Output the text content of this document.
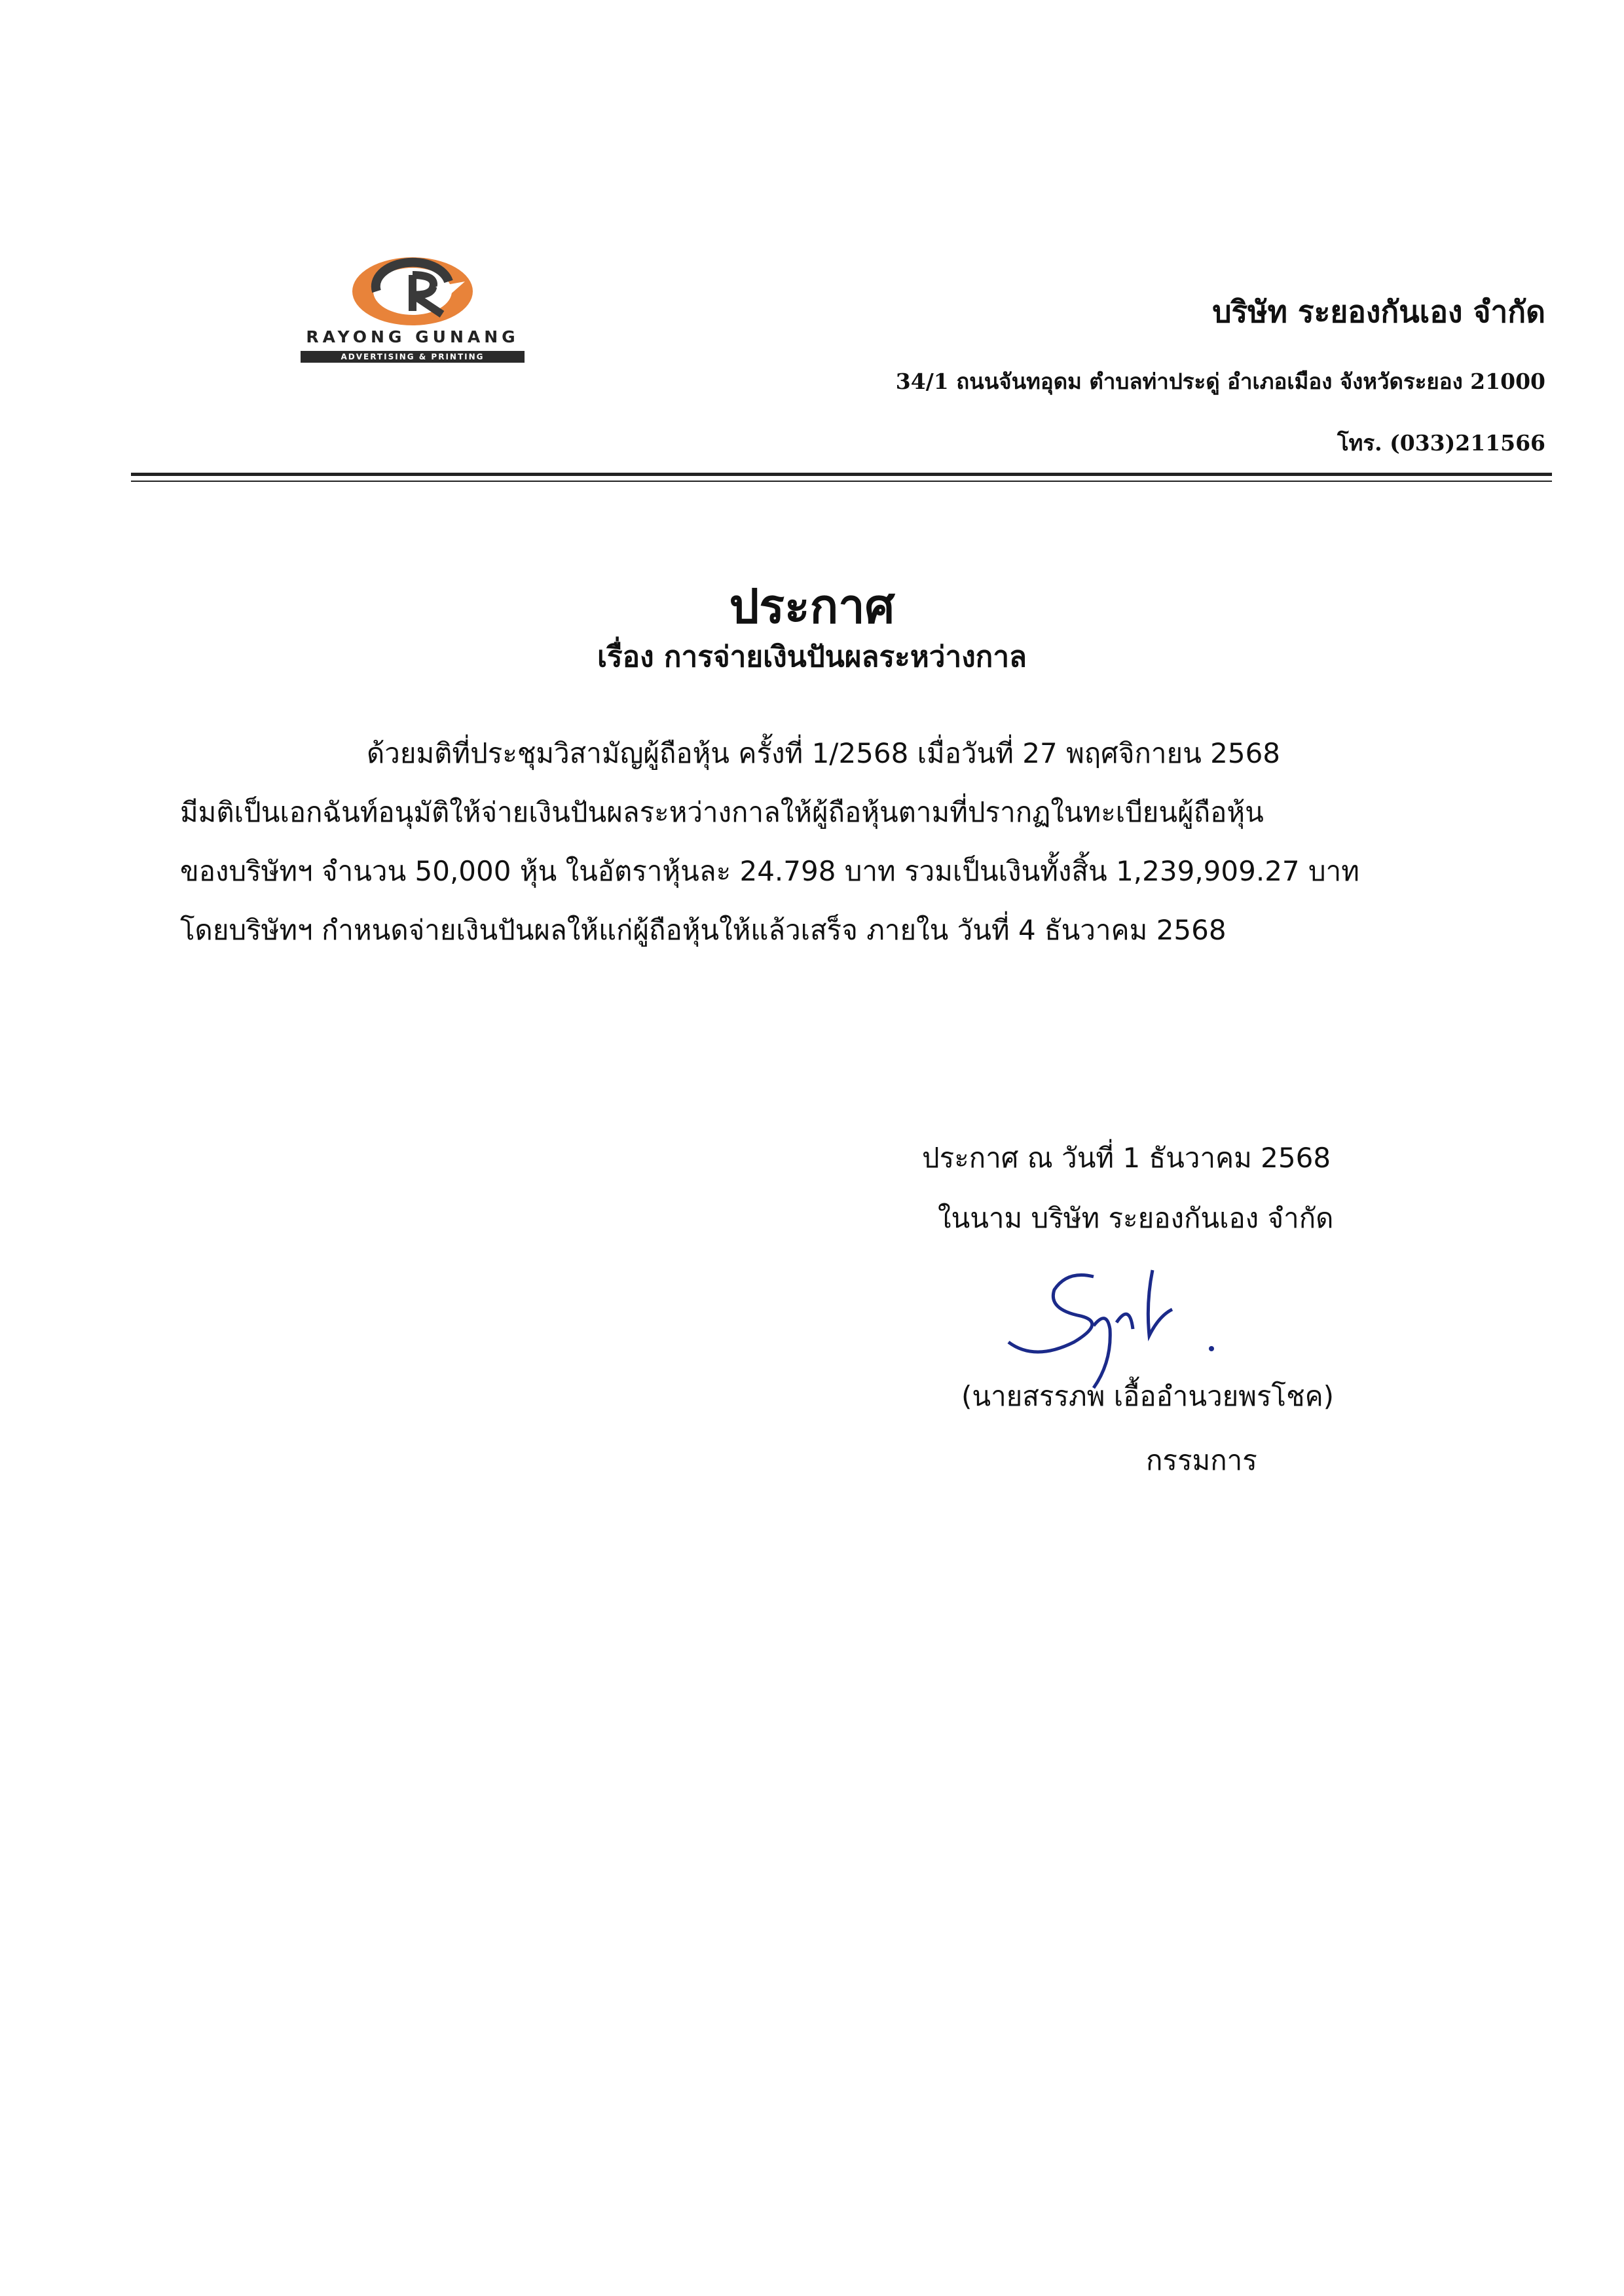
RAYONG GUNANG
ADVERTISING & PRINTING
บริษัท ระยองกันเอง จำกัด
34/1 ถนนจันทอุดม ตำบลท่าประดู่ อำเภอเมือง จังหวัดระยอง 21000
โทร. (033)211566
ประกาศ
เรื่อง การจ่ายเงินปันผลระหว่างกาล
ด้วยมติที่ประชุมวิสามัญผู้ถือหุ้น ครั้งที่ 1/2568 เมื่อวันที่ 27 พฤศจิกายน 2568
มีมติเป็นเอกฉันท์อนุมัติให้จ่ายเงินปันผลระหว่างกาลให้ผู้ถือหุ้นตามที่ปรากฏในทะเบียนผู้ถือหุ้น
ของบริษัทฯ จำนวน 50,000 หุ้น ในอัตราหุ้นละ 24.798 บาท รวมเป็นเงินทั้งสิ้น 1,239,909.27 บาท
โดยบริษัทฯ กำหนดจ่ายเงินปันผลให้แก่ผู้ถือหุ้นให้แล้วเสร็จ ภายใน วันที่ 4 ธันวาคม 2568
ประกาศ ณ วันที่ 1 ธันวาคม 2568
ในนาม บริษัท ระยองกันเอง จำกัด
(นายสรรภพ เอื้ออำนวยพรโชค)
กรรมการ
